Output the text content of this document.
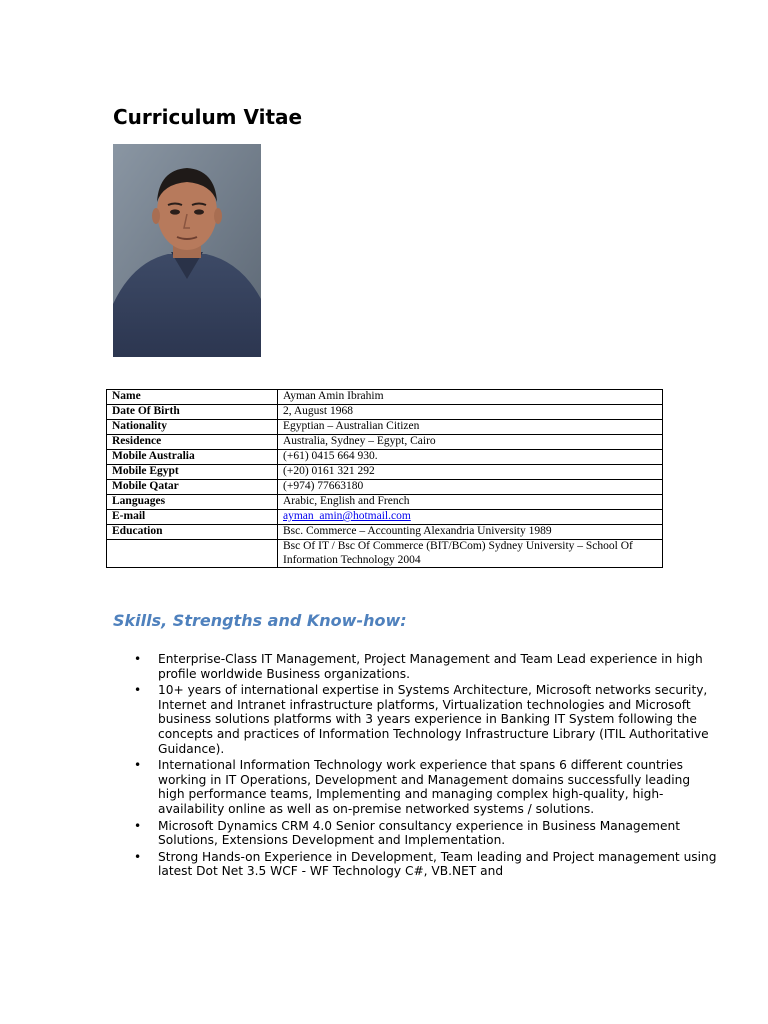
Curriculum Vitae
Name	Ayman Amin Ibrahim
Date Of Birth	2, August 1968
Nationality	Egyptian – Australian Citizen
Residence	Australia, Sydney – Egypt, Cairo
Mobile Australia	(+61) 0415 664 930.
Mobile Egypt	(+20) 0161 321 292
Mobile Qatar	(+974) 77663180
Languages	Arabic, English and French
E-mail	ayman_amin@hotmail.com
Education	Bsc. Commerce – Accounting Alexandria University 1989
	Bsc Of IT / Bsc Of Commerce (BIT/BCom) Sydney University – School Of Information Technology 2004
Skills, Strengths and Know-how:
• Enterprise-Class IT Management, Project Management and Team Lead experience in high profile worldwide Business organizations.
• 10+ years of international expertise in Systems Architecture, Microsoft networks security, Internet and Intranet infrastructure platforms, Virtualization technologies and Microsoft business solutions platforms with 3 years experience in Banking IT System following the concepts and practices of Information Technology Infrastructure Library (ITIL Authoritative Guidance).
• International Information Technology work experience that spans 6 different countries working in IT Operations, Development and Management domains successfully leading high performance teams, Implementing and managing complex high-quality, high-availability online as well as on-premise networked systems / solutions.
• Microsoft Dynamics CRM 4.0 Senior consultancy experience in Business Management Solutions, Extensions Development and Implementation.
• Strong Hands-on Experience in Development, Team leading and Project management using latest Dot Net 3.5 WCF - WF Technology C#, VB.NET and
